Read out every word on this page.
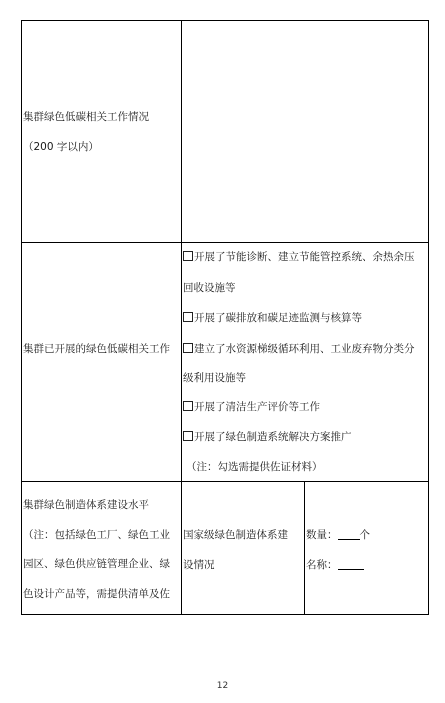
集群绿色低碳相关工作情况
（200 字以内）
集群已开展的绿色低碳相关工作
开展了节能诊断、建立节能管控系统、余热余压
回收设施等
开展了碳排放和碳足迹监测与核算等
建立了水资源梯级循环利用、工业废弃物分类分
级利用设施等
开展了清洁生产评价等工作
开展了绿色制造系统解决方案推广
（注：勾选需提供佐证材料）
集群绿色制造体系建设水平
（注：包括绿色工厂、绿色工业
园区、绿色供应链管理企业、绿
色设计产品等，需提供清单及佐
国家级绿色制造体系建
设情况
数量： 个
名称：
12
